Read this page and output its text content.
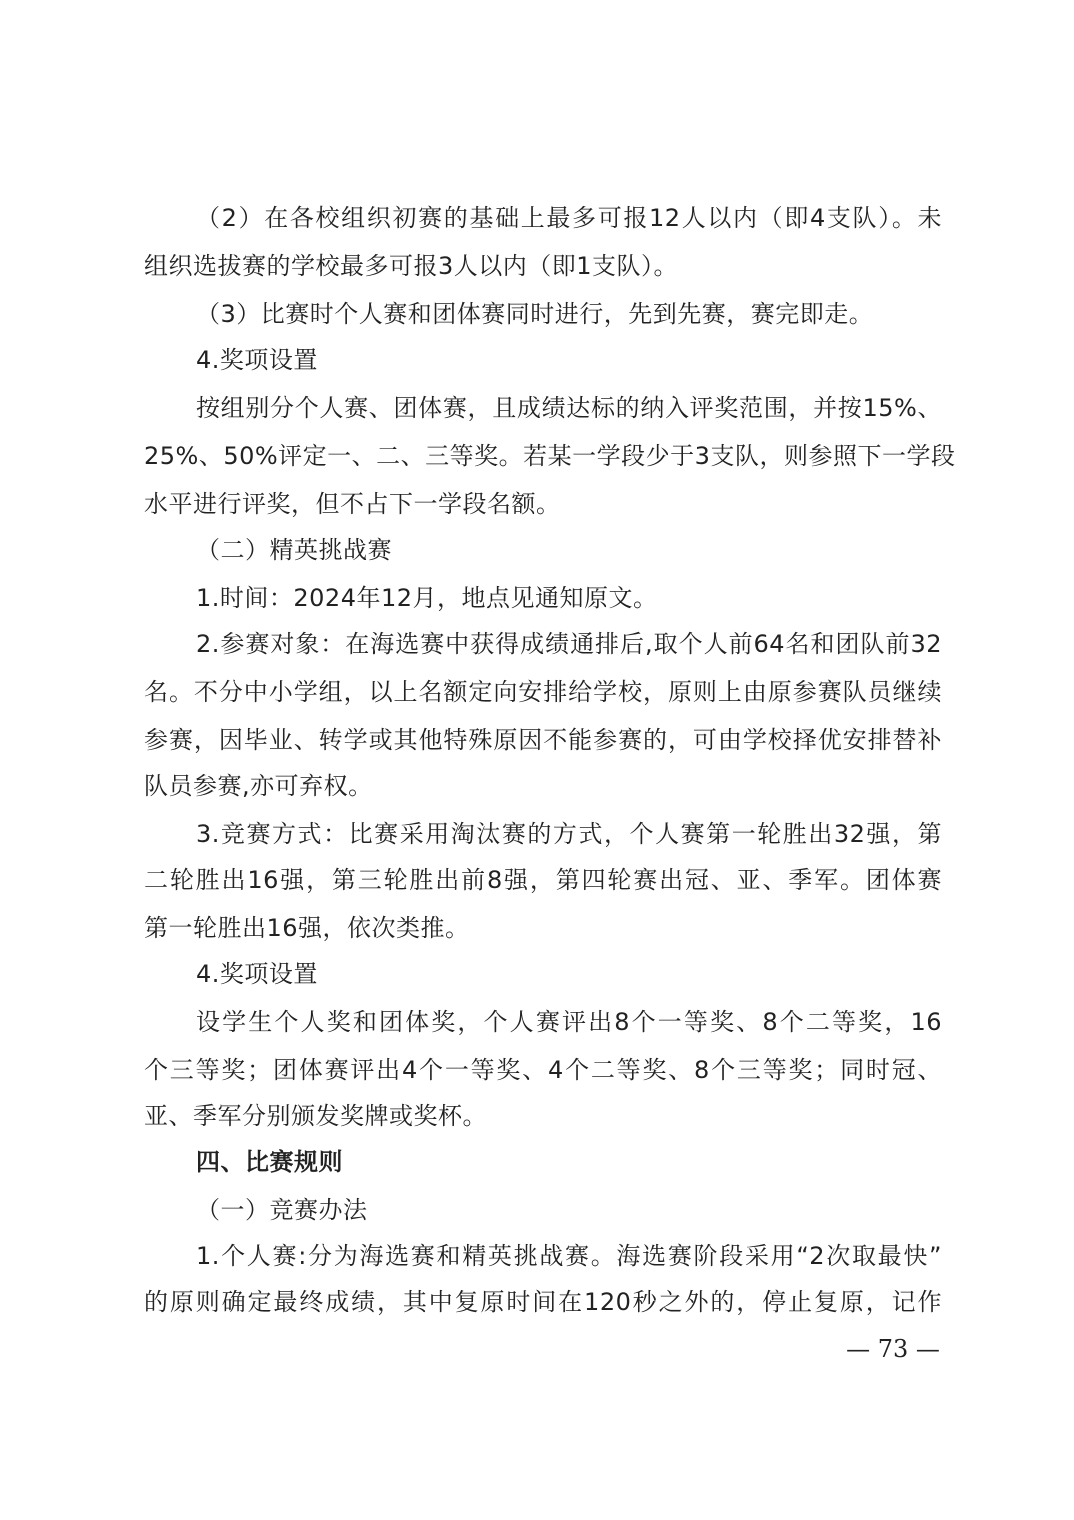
（2）在各校组织初赛的基础上最多可报12人以内（即4支队）。未
组织选拔赛的学校最多可报3人以内（即1支队）。
（3）比赛时个人赛和团体赛同时进行，先到先赛，赛完即走。
4.奖项设置
按组别分个人赛、团体赛，且成绩达标的纳入评奖范围，并按15%、
25%、50%评定一、二、三等奖。若某一学段少于3支队，则参照下一学段
水平进行评奖，但不占下一学段名额。
（二）精英挑战赛
1.时间：2024年12月，地点见通知原文。
2.参赛对象：在海选赛中获得成绩通排后,取个人前64名和团队前32
名。不分中小学组，以上名额定向安排给学校，原则上由原参赛队员继续
参赛，因毕业、转学或其他特殊原因不能参赛的，可由学校择优安排替补
队员参赛,亦可弃权。
3.竞赛方式：比赛采用淘汰赛的方式，个人赛第一轮胜出32强，第
二轮胜出16强，第三轮胜出前8强，第四轮赛出冠、亚、季军。团体赛
第一轮胜出16强，依次类推。
4.奖项设置
设学生个人奖和团体奖，个人赛评出8个一等奖、8个二等奖，16
个三等奖；团体赛评出4个一等奖、4个二等奖、8个三等奖；同时冠、
亚、季军分别颁发奖牌或奖杯。
四、比赛规则
（一）竞赛办法
1.个人赛:分为海选赛和精英挑战赛。海选赛阶段采用“2次取最快”
的原则确定最终成绩，其中复原时间在120秒之外的，停止复原，记作
— 73 —
